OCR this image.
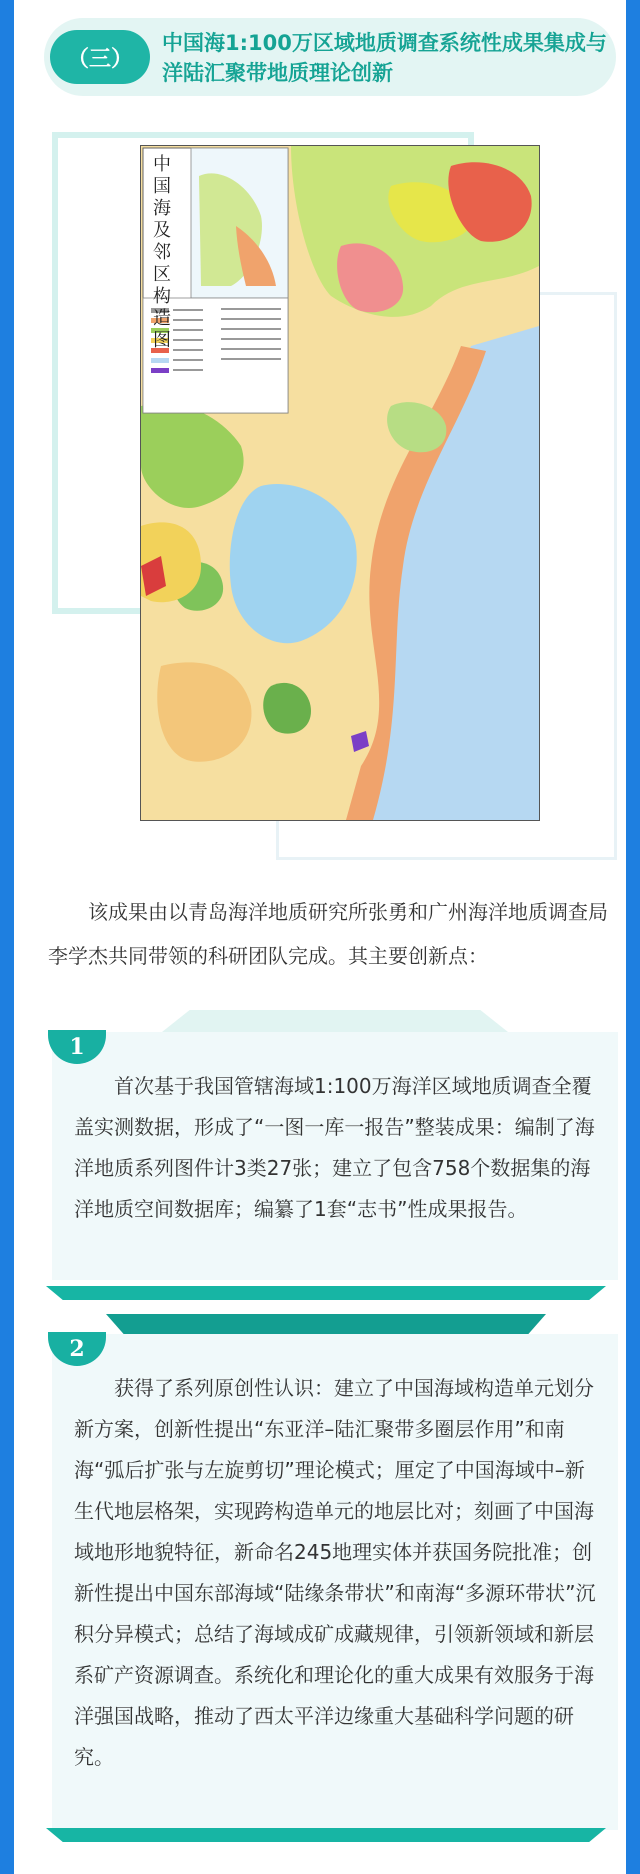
（三）
中国海1:100万区域地质调查系统性成果集成与洋陆汇聚带地质理论创新
中国海及邻区构造图
该成果由以青岛海洋地质研究所张勇和广州海洋地质调查局李学杰共同带领的科研团队完成。其主要创新点：
1
首次基于我国管辖海域1:100万海洋区域地质调查全覆盖实测数据，形成了“一图一库一报告”整装成果：编制了海洋地质系列图件计3类27张；建立了包含758个数据集的海洋地质空间数据库；编纂了1套“志书”性成果报告。
2
获得了系列原创性认识：建立了中国海域构造单元划分新方案，创新性提出“东亚洋–陆汇聚带多圈层作用”和南海“弧后扩张与左旋剪切”理论模式；厘定了中国海域中–新生代地层格架，实现跨构造单元的地层比对；刻画了中国海域地形地貌特征，新命名245地理实体并获国务院批准；创新性提出中国东部海域“陆缘条带状”和南海“多源环带状”沉积分异模式；总结了海域成矿成藏规律，引领新领域和新层系矿产资源调查。系统化和理论化的重大成果有效服务于海洋强国战略，推动了西太平洋边缘重大基础科学问题的研究。
